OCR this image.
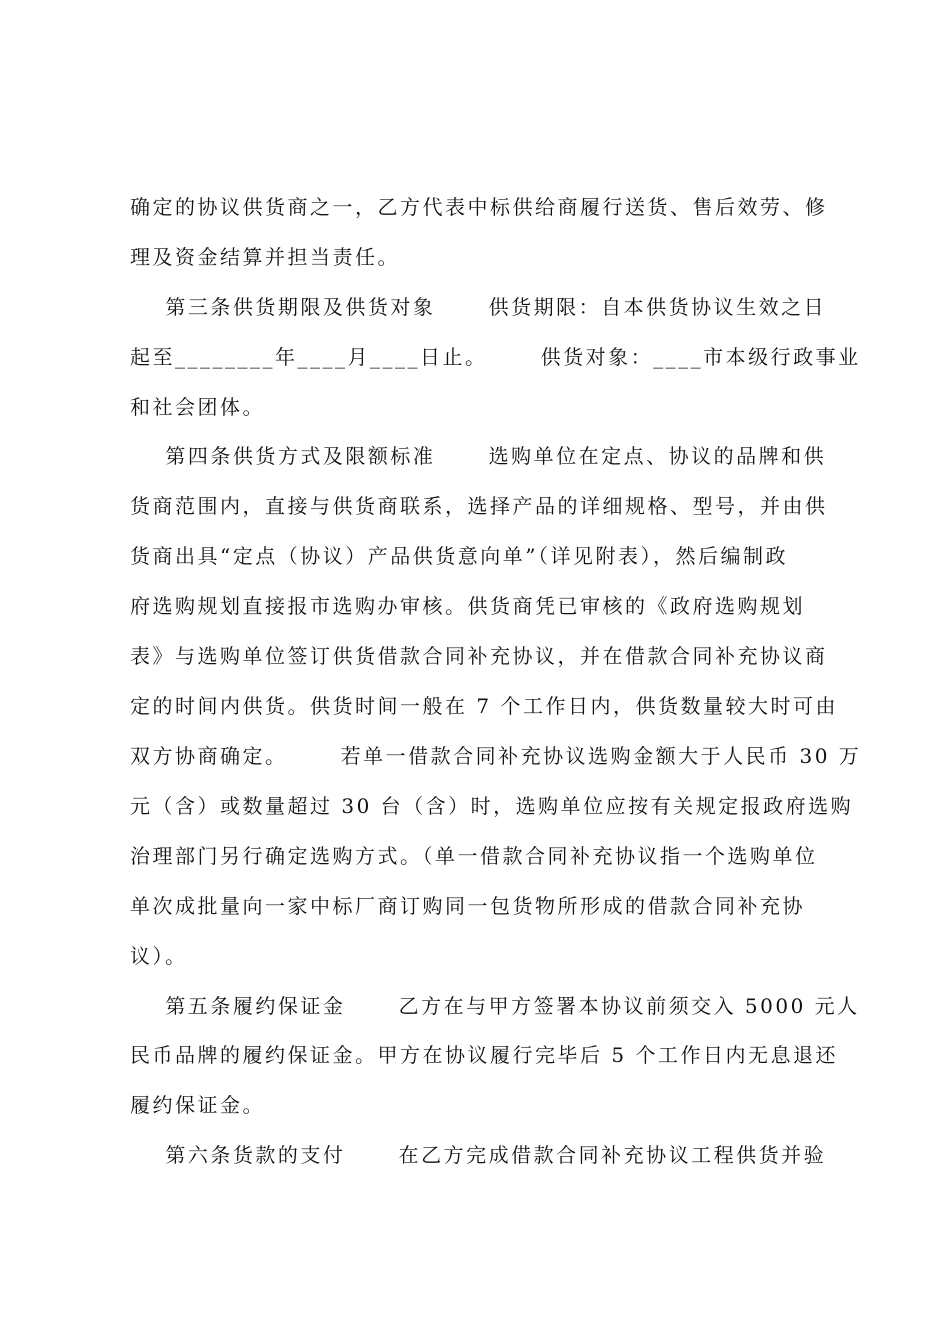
确定的协议供货商之一，乙方代表中标供给商履行送货、售后效劳、修
理及资金结算并担当责任。
第三条供货期限及供货对象      供货期限：自本供货协议生效之日
起至________年____月____日止。      供货对象：____市本级行政事业
和社会团体。
第四条供货方式及限额标准      选购单位在定点、协议的品牌和供
货商范围内，直接与供货商联系，选择产品的详细规格、型号，并由供
货商出具“定点（协议）产品供货意向单”（详见附表），然后编制政
府选购规划直接报市选购办审核。供货商凭已审核的《政府选购规划
表》与选购单位签订供货借款合同补充协议，并在借款合同补充协议商
定的时间内供货。供货时间一般在 7 个工作日内，供货数量较大时可由
双方协商确定。      若单一借款合同补充协议选购金额大于人民币 30 万
元（含）或数量超过 30 台（含）时，选购单位应按有关规定报政府选购
治理部门另行确定选购方式。（单一借款合同补充协议指一个选购单位
单次成批量向一家中标厂商订购同一包货物所形成的借款合同补充协
议）。
第五条履约保证金      乙方在与甲方签署本协议前须交入 5000 元人
民币品牌的履约保证金。甲方在协议履行完毕后 5 个工作日内无息退还
履约保证金。
第六条货款的支付      在乙方完成借款合同补充协议工程供货并验
